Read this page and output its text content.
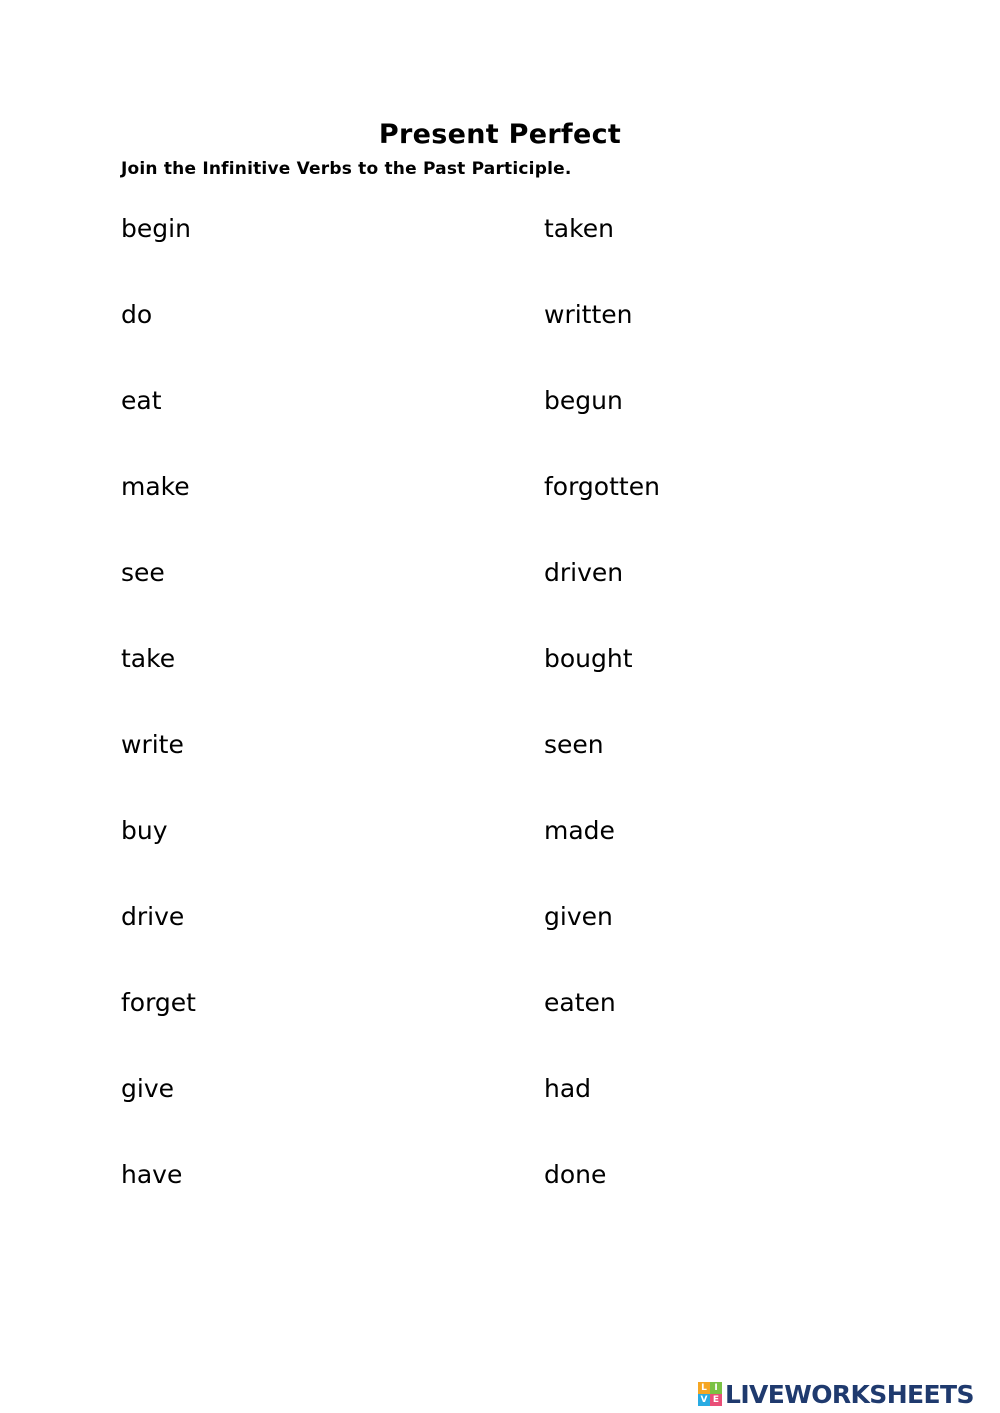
Present Perfect
Join the Infinitive Verbs to the Past Participle.
begin
do
eat
make
see
take
write
buy
drive
forget
give
have
taken
written
begun
forgotten
driven
bought
seen
made
given
eaten
had
done
L I
V E LIVEWORKSHEETS
